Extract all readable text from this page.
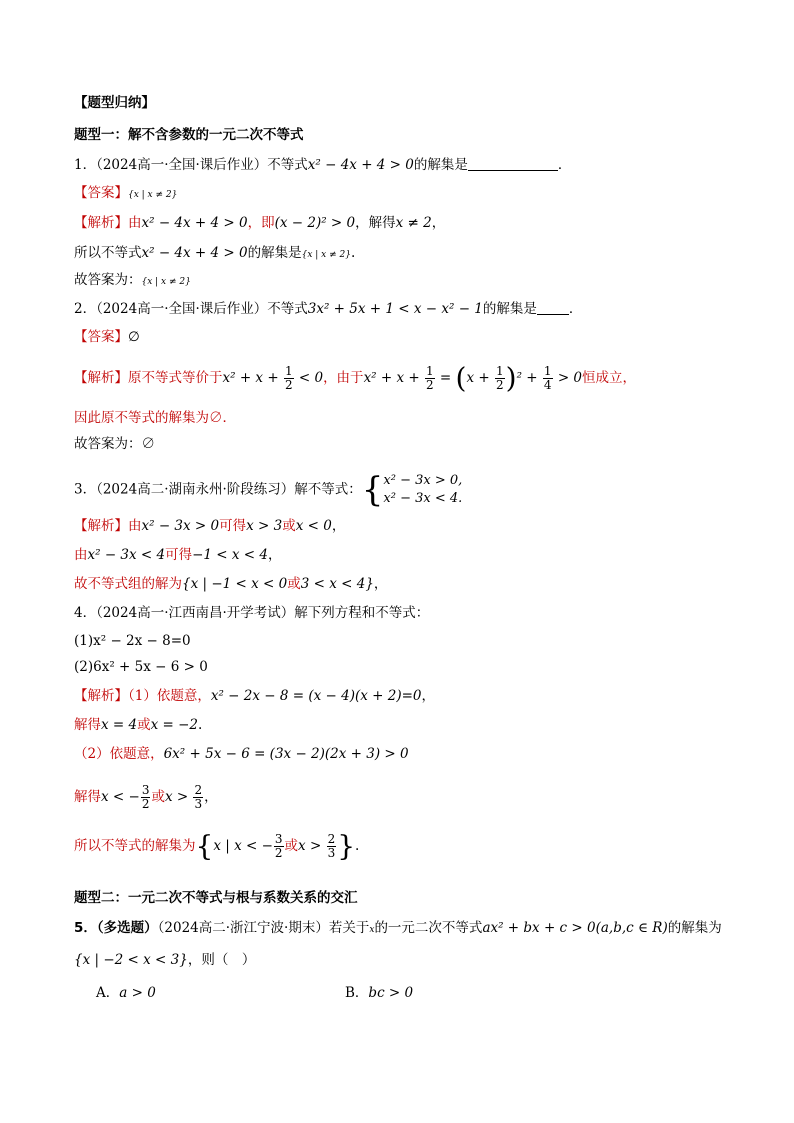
【题型归纳】
题型一：解不含参数的一元二次不等式
1．（2024高一·全国·课后作业）不等式x² − 4x + 4 > 0的解集是	．
【答案】{x | x ≠ 2}
【解析】由x² − 4x + 4 > 0，即(x − 2)² > 0，解得x ≠ 2，
所以不等式x² − 4x + 4 > 0的解集是{x | x ≠ 2}.
故答案为：{x | x ≠ 2}
2．（2024高一·全国·课后作业）不等式3x² + 5x + 1 < x − x² − 1的解集是 ．
【答案】∅
【解析】原不等式等价于$x^2 + x + \frac{1}{2} < 0$，由于$x^2 + x + \frac{1}{2} = (x + \frac{1}{2} )^2 + \frac{1}{4} > 0$恒成立，
因此原不等式的解集为∅．
故答案为：∅
3．（2024高二·湖南永州·阶段练习）解不等式：{ x² − 3x > 0,
x² − 3x < 4.
【解析】由x² − 3x > 0可得x > 3或x < 0，
由x² − 3x < 4可得−1 < x < 4，
故不等式组的解为{x | −1 < x < 0或3 < x < 4}，
4．（2024高一·江西南昌·开学考试）解下列方程和不等式：
(1)x² − 2x − 8=0
(2)6x² + 5x − 6 > 0
【解析】（1）依题意，x² − 2x − 8 = (x − 4)(x + 2)=0，
解得x = 4或x = −2.
（2）依题意，6x² + 5x − 6 = (3x − 2)(2x + 3) > 0
解得x < − $\frac{3}{2}$ 或$x > \frac{2}{3}$ ，
所以不等式的解集为{x | x < − $\frac{3}{2}$ 或$x > \frac{2}{3}$ }.
题型二：一元二次不等式与根与系数关系的交汇
5．（多选题）（2024高二·浙江宁波·期末）若关于x的一元二次不等式ax² + bx + c > 0(a,b,c ∈ R)的解集为
{x | −2 < x < 3}，则（　）
A．a > 0	B．bc > 0
